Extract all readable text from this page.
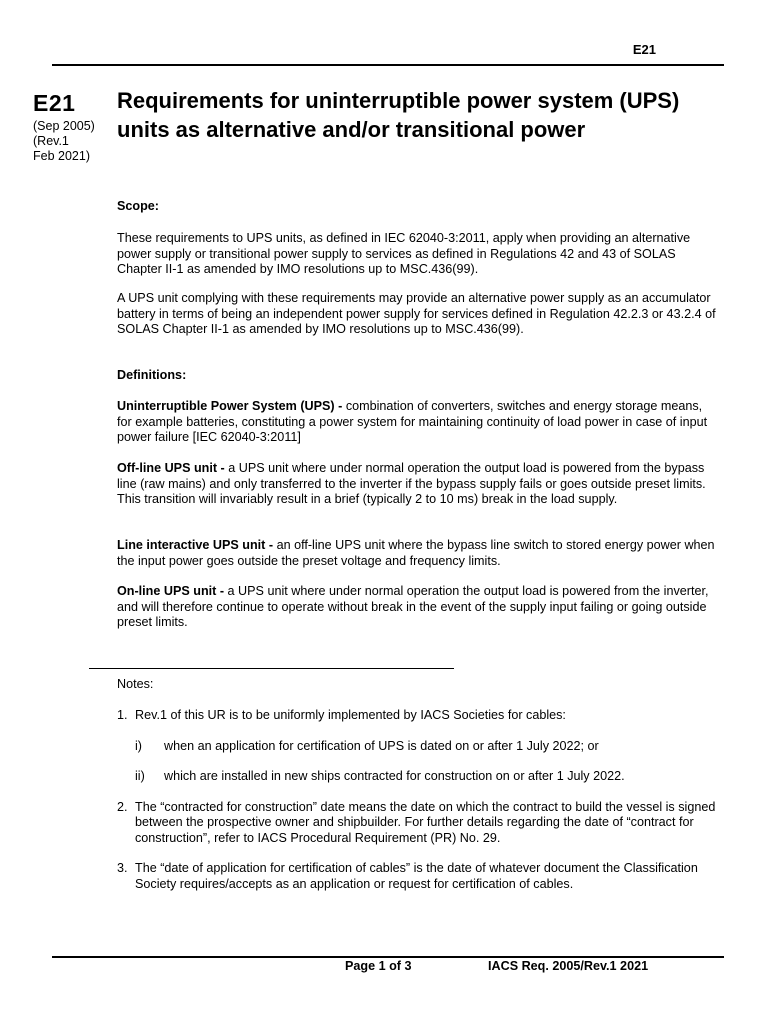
E21
E21
(Sep 2005)
(Rev.1
Feb 2021)
Requirements for uninterruptible power system (UPS) units as alternative and/or transitional power
Scope:
These requirements to UPS units, as defined in IEC 62040-3:2011, apply when providing an alternative power supply or transitional power supply to services as defined in Regulations 42 and 43 of SOLAS Chapter II-1 as amended by IMO resolutions up to MSC.436(99).
A UPS unit complying with these requirements may provide an alternative power supply as an accumulator battery in terms of being an independent power supply for services defined in Regulation 42.2.3 or 43.2.4 of SOLAS Chapter II-1 as amended by IMO resolutions up to MSC.436(99).
Definitions:

Uninterruptible Power System (UPS) - combination of converters, switches and energy storage means, for example batteries, constituting a power system for maintaining continuity of load power in case of input power failure [IEC 62040-3:2011]

Off-line UPS unit - a UPS unit where under normal operation the output load is powered from the bypass line (raw mains) and only transferred to the inverter if the bypass supply fails or goes outside preset limits. This transition will invariably result in a brief (typically 2 to 10 ms) break in the load supply.

Line interactive UPS unit - an off-line UPS unit where the bypass line switch to stored energy power when the input power goes outside the preset voltage and frequency limits.

On-line UPS unit - a UPS unit where under normal operation the output load is powered from the inverter, and will therefore continue to operate without break in the event of the supply input failing or going outside preset limits.

Notes:
1. Rev.1 of this UR is to be uniformly implemented by IACS Societies for cables:
i) when an application for certification of UPS is dated on or after 1 July 2022; or
ii) which are installed in new ships contracted for construction on or after 1 July 2022.
2. The “contracted for construction” date means the date on which the contract to build the vessel is signed between the prospective owner and shipbuilder. For further details regarding the date of “contract for construction”, refer to IACS Procedural Requirement (PR) No. 29.
3. The “date of application for certification of cables” is the date of whatever document the Classification Society requires/accepts as an application or request for certification of cables.
Page 1 of 3	IACS Req. 2005/Rev.1 2021
